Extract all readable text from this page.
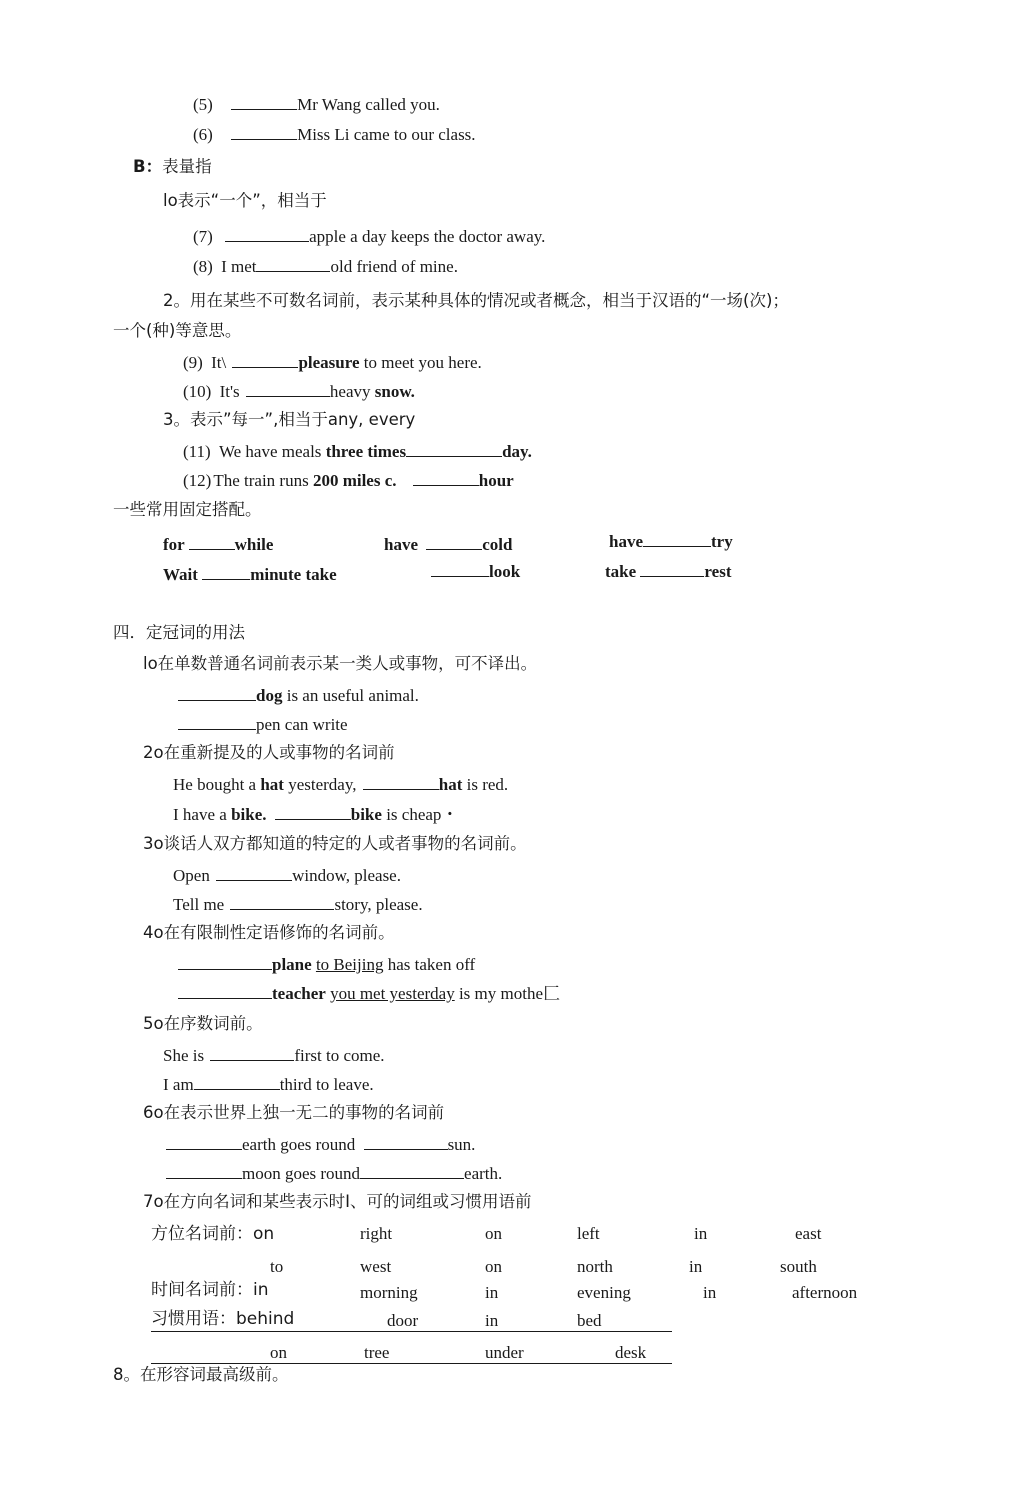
(5)	Mr Wang called you.
(6)	Miss Li came to our class.
B：表量指
lo表示“一个”，相当于
(7)	apple a day keeps the doctor away.
(8) I met	old friend of mine.
2。用在某些不可数名词前，表示某种具体的情况或者概念，相当于汉语的“一场(次)；
一个(种)等意思。
(9) It\	pleasure to meet you here.
(10) It's	heavy snow.
3。表示”每一”,相当于any, every
(11) We have meals three times	day.
(12) The train runs 200 miles c.	hour
一些常用固定搭配。
for	while	have	cold	have	try
Wait	minute take	look	take	rest
四．定冠词的用法
lo在单数普通名词前表示某一类人或事物，可不译出。
dog is an useful animal.
pen can write
2o在重新提及的人或事物的名词前
He bought a hat yesterday,	hat is red.
I have a bike.	bike is cheap・
3o谈话人双方都知道的特定的人或者事物的名词前。
Open	window, please.
Tell me	story, please.
4o在有限制性定语修饰的名词前。
plane to Beijing has taken off
teacher you met yesterday is my mothe匚
5o在序数词前。
She is	first to come.
I am	third to leave.
6o在表示世界上独一无二的事物的名词前
earth goes round	sun.
moon goes round	earth.
7o在方向名词和某些表示时I、可的词组或习惯用语前
方位名词前：on	right	on	left	in	east
to	west	on	north	in	south
时间名词前：in	morning	in	evening	in	afternoon
习惯用语：behind	door	in	bed
on	tree	under	desk
8。在形容词最高级前。
